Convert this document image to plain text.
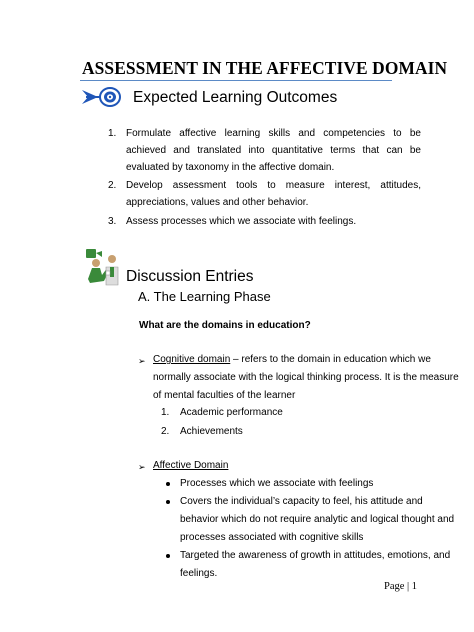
ASSESSMENT IN THE AFFECTIVE DOMAIN
Expected Learning Outcomes
1. Formulate affective learning skills and competencies to be achieved and translated into quantitative terms that can be evaluated by taxonomy in the affective domain.
2. Develop assessment tools to measure interest, attitudes, appreciations, values and other behavior.
3. Assess processes which we associate with feelings.
Discussion Entries
A. The Learning Phase
What are the domains in education?
➢ Cognitive domain – refers to the domain in education which we
normally associate with the logical thinking process. It is the measure
of mental faculties of the learner
1. Academic performance
2. Achievements
➢ Affective Domain
Processes which we associate with feelings
Covers the individual’s capacity to feel, his attitude and
behavior which do not require analytic and logical thought and
processes associated with cognitive skills
Targeted the awareness of growth in attitudes, emotions, and
feelings.
Page | 1
